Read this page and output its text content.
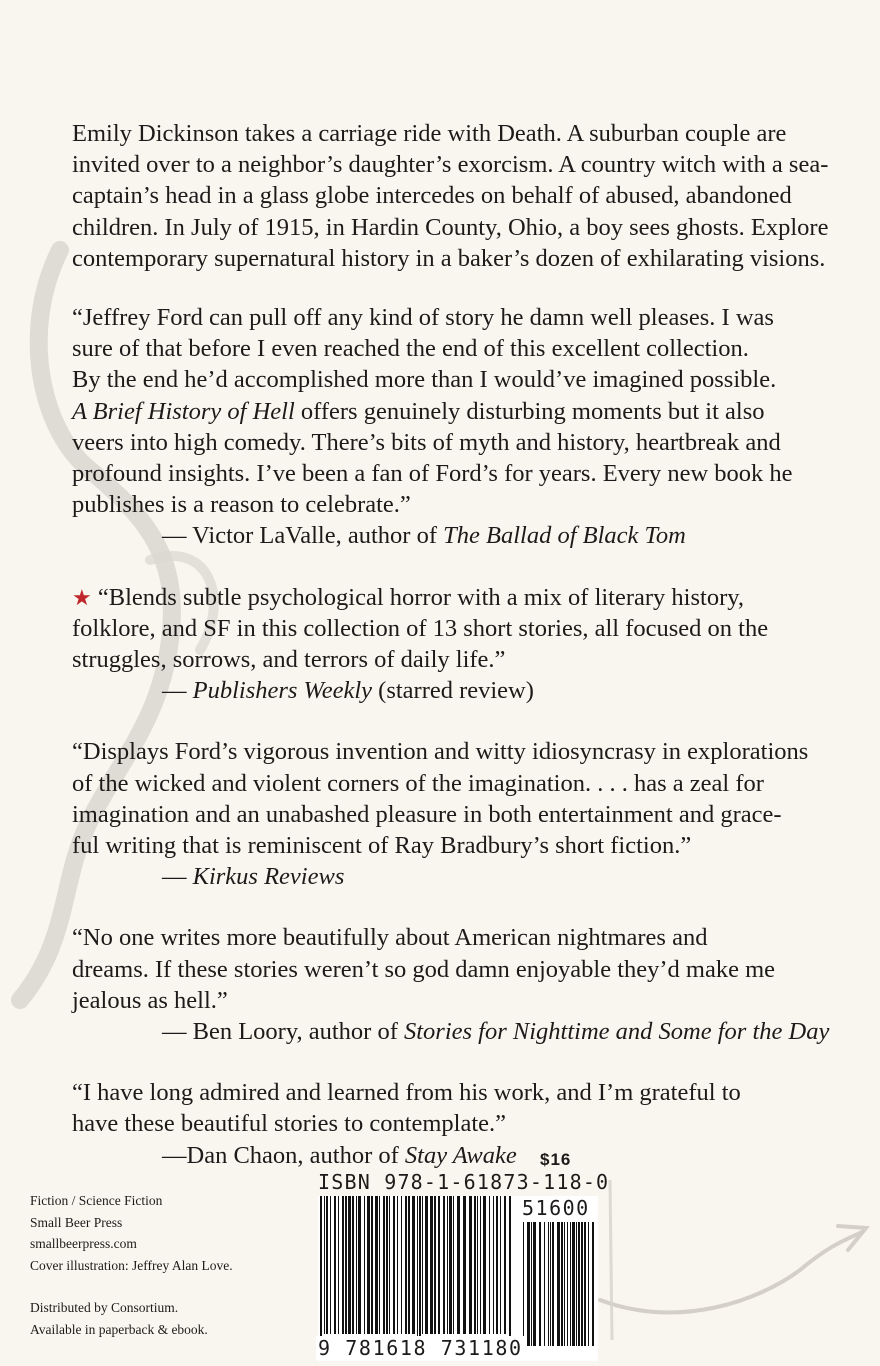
Emily Dickinson takes a carriage ride with Death. A suburban couple are invited over to a neighbor’s daughter’s exorcism. A country witch with a sea-captain’s head in a glass globe intercedes on behalf of abused, abandoned children. In July of 1915, in Hardin County, Ohio, a boy sees ghosts. Explore contemporary supernatural history in a baker’s dozen of exhilarating visions.

“Jeffrey Ford can pull off any kind of story he damn well pleases. I was
sure of that before I even reached the end of this excellent collection.
By the end he’d accomplished more than I would’ve imagined possible.
A Brief History of Hell offers genuinely disturbing moments but it also
veers into high comedy. There’s bits of myth and history, heartbreak and
profound insights. I’ve been a fan of Ford’s for years. Every new book he
publishes is a reason to celebrate.”

— Victor LaValle, author of The Ballad of Black Tom

★ “Blends subtle psychological horror with a mix of literary history,
folklore, and SF in this collection of 13 short stories, all focused on the
struggles, sorrows, and terrors of daily life.”

— Publishers Weekly (starred review)

“Displays Ford’s vigorous invention and witty idiosyncrasy in explorations
of the wicked and violent corners of the imagination. . . . has a zeal for
imagination and an unabashed pleasure in both entertainment and grace-
ful writing that is reminiscent of Ray Bradbury’s short fiction.”

— Kirkus Reviews

“No one writes more beautifully about American nightmares and
dreams. If these stories weren’t so god damn enjoyable they’d make me
jealous as hell.”

— Ben Loory, author of Stories for Nighttime and Some for the Day

“I have long admired and learned from his work, and I’m grateful to
have these beautiful stories to contemplate.”

—Dan Chaon, author of Stay Awake

Fiction / Science Fiction
Small Beer Press
smallbeerpress.com
Cover illustration: Jeffrey Alan Love.
Distributed by Consortium.
Available in paperback & ebook.
$16
ISBN 978-1-61873-118-0
51600
9 781618 731180
